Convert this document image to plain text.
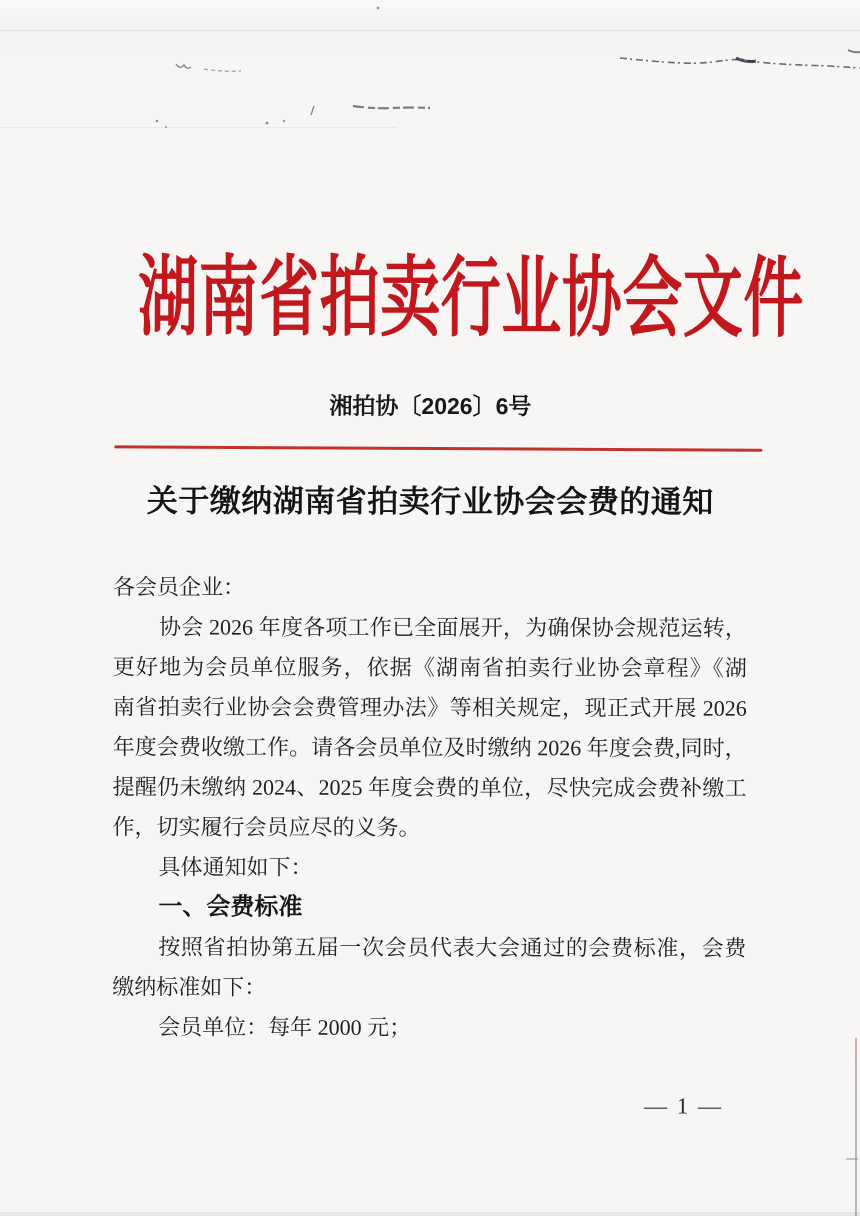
湖南省拍卖行业协会文件
湘拍协〔2026〕6号
关于缴纳湖南省拍卖行业协会会费的通知
各会员企业：
协会 2026 年度各项工作已全面展开，为确保协会规范运转，
更好地为会员单位服务，依据《湖南省拍卖行业协会章程》《湖
南省拍卖行业协会会费管理办法》等相关规定，现正式开展 2026
年度会费收缴工作。请各会员单位及时缴纳 2026 年度会费,同时，
提醒仍未缴纳 2024、2025 年度会费的单位，尽快完成会费补缴工
作，切实履行会员应尽的义务。
具体通知如下：
一、会费标准
按照省拍协第五届一次会员代表大会通过的会费标准，会费
缴纳标准如下：
会员单位：每年 2000 元；
— 1 —
